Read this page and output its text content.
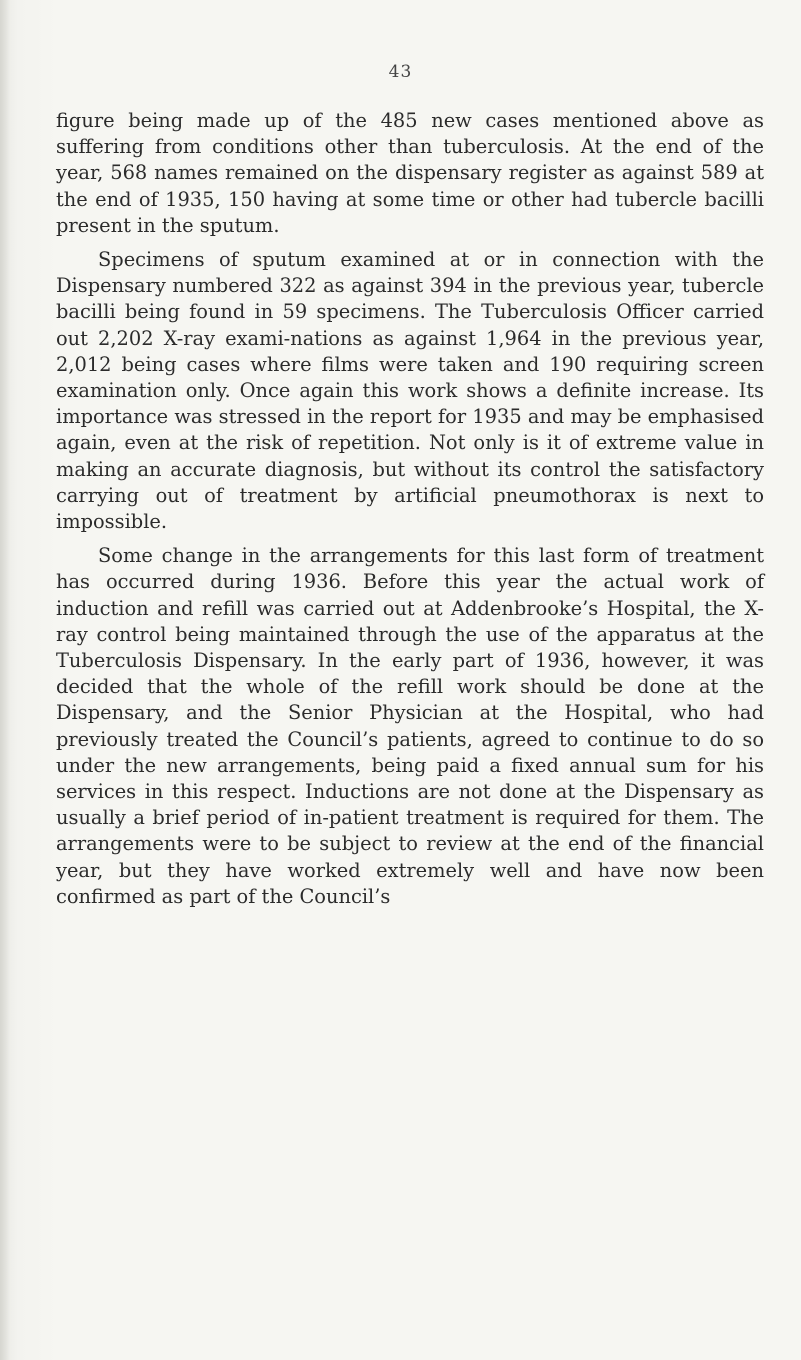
43

figure being made up of the 485 new cases mentioned above as suffering from conditions other than tuberculosis. At the end of the year, 568 names remained on the dispensary register as against 589 at the end of 1935, 150 having at some time or other had tubercle bacilli present in the sputum.

Specimens of sputum examined at or in connection with the Dispensary numbered 322 as against 394 in the previous year, tubercle bacilli being found in 59 specimens. The Tuberculosis Officer carried out 2,202 X-ray exami-nations as against 1,964 in the previous year, 2,012 being cases where films were taken and 190 requiring screen examination only. Once again this work shows a definite increase. Its importance was stressed in the report for 1935 and may be emphasised again, even at the risk of repetition. Not only is it of extreme value in making an accurate diagnosis, but without its control the satisfactory carrying out of treatment by artificial pneumothorax is next to impossible.

Some change in the arrangements for this last form of treatment has occurred during 1936. Before this year the actual work of induction and refill was carried out at Addenbrooke’s Hospital, the X-ray control being maintained through the use of the apparatus at the Tuberculosis Dispensary. In the early part of 1936, however, it was decided that the whole of the refill work should be done at the Dispensary, and the Senior Physician at the Hospital, who had previously treated the Council’s patients, agreed to continue to do so under the new arrangements, being paid a fixed annual sum for his services in this respect. Inductions are not done at the Dispensary as usually a brief period of in-patient treatment is required for them. The arrangements were to be subject to review at the end of the financial year, but they have worked extremely well and have now been confirmed as part of the Council’s
